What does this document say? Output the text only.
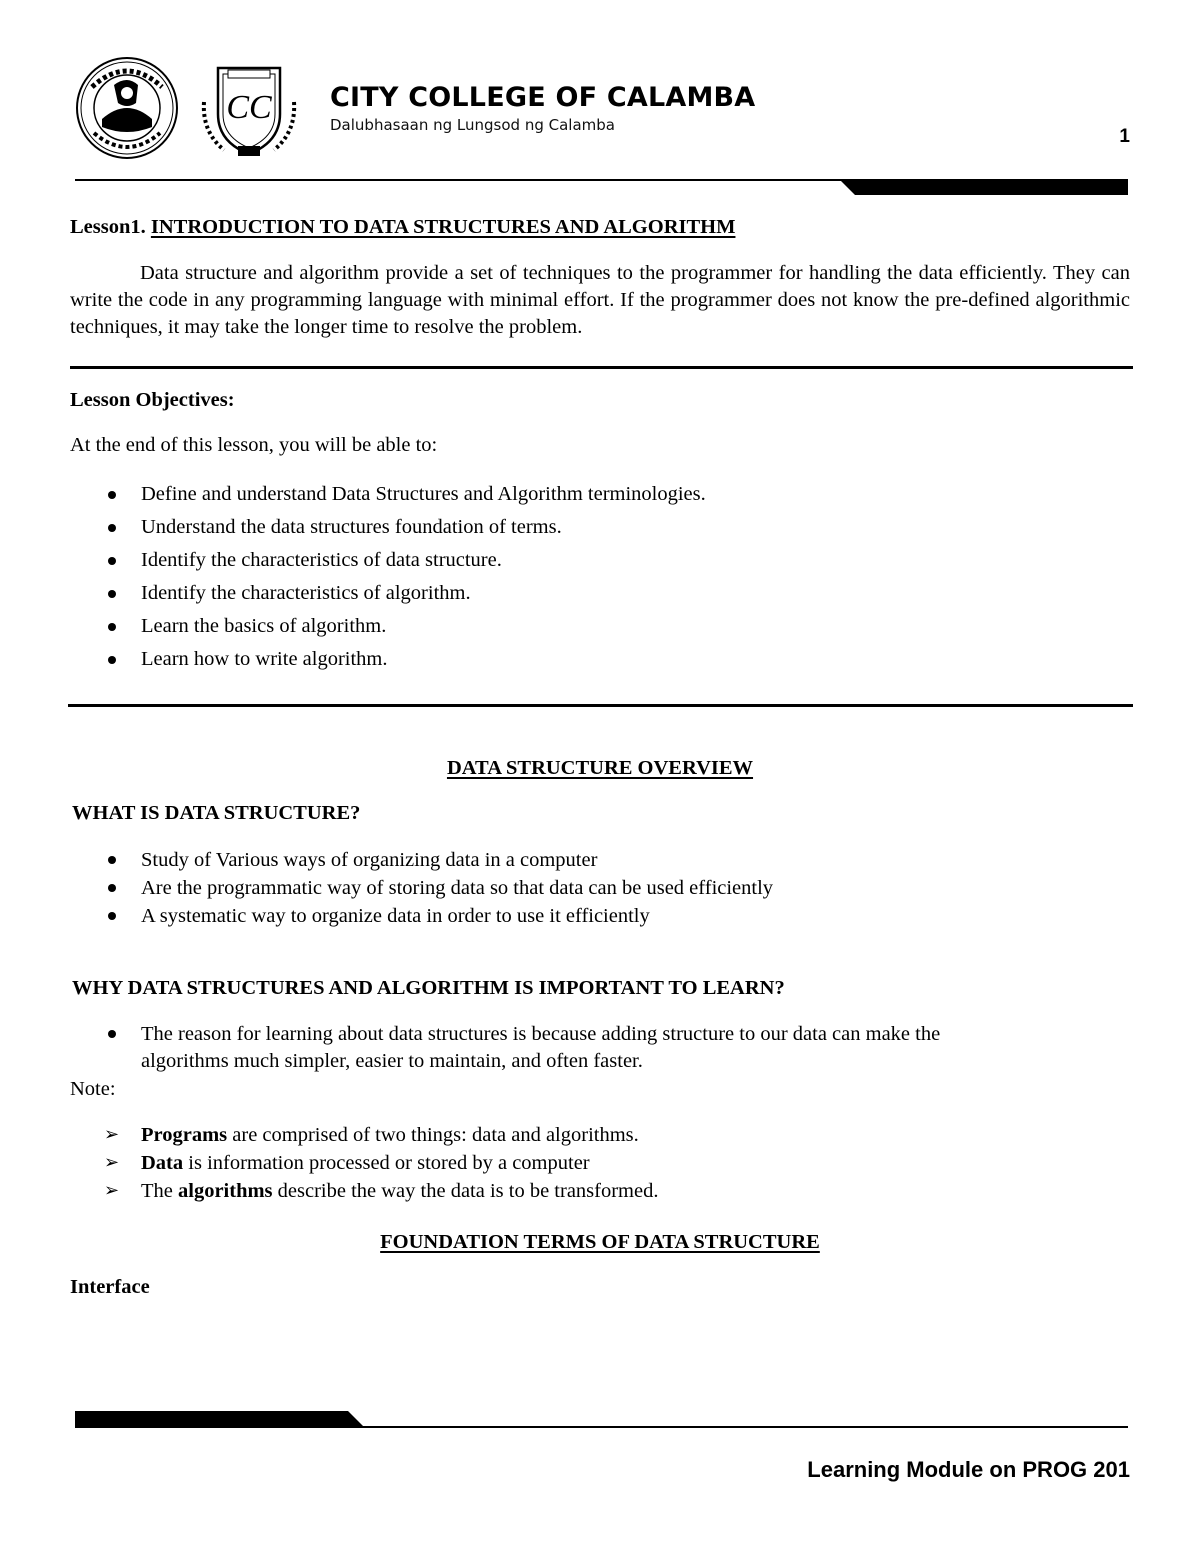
CC CITY COLLEGE OF CALAMBA
Dalubhasaan ng Lungsod ng Calamba
1
Lesson1. INTRODUCTION TO DATA STRUCTURES AND ALGORITHM

Data structure and algorithm provide a set of techniques to the programmer for handling the data efficiently. They can write the code in any programming language with minimal effort. If the programmer does not know the pre-defined algorithmic techniques, it may take the longer time to resolve the problem.

Lesson Objectives:
At the end of this lesson, you will be able to:
Define and understand Data Structures and Algorithm terminologies.
Understand the data structures foundation of terms.
Identify the characteristics of data structure.
Identify the characteristics of algorithm.
Learn the basics of algorithm.
Learn how to write algorithm.
DATA STRUCTURE OVERVIEW
WHAT IS DATA STRUCTURE?
Study of Various ways of organizing data in a computer
Are the programmatic way of storing data so that data can be used efficiently
A systematic way to organize data in order to use it efficiently
WHY DATA STRUCTURES AND ALGORITHM IS IMPORTANT TO LEARN?
The reason for learning about data structures is because adding structure to our data can make the
algorithms much simpler, easier to maintain, and often faster.
Note:
➢ Programs are comprised of two things: data and algorithms.
➢ Data is information processed or stored by a computer
➢ The algorithms describe the way the data is to be transformed.
FOUNDATION TERMS OF DATA STRUCTURE
Interface
Learning Module on PROG 201
